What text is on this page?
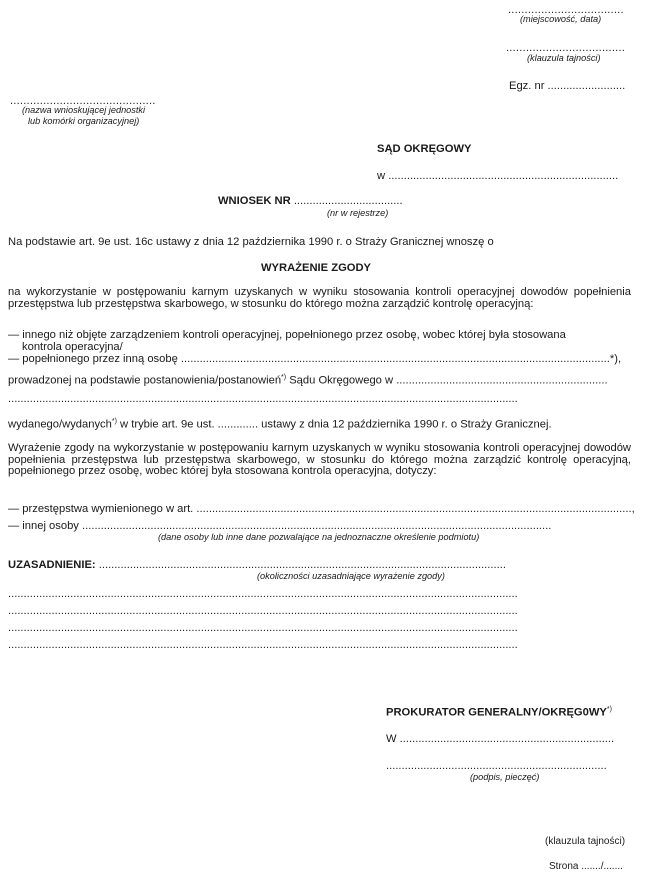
...................................
(miejscowość, data)
....................................
(klauzula tajności)
Egz. nr .........................
............................................
(nazwa wnioskującej jednostki
lub komórki organizacyjnej)
SĄD OKRĘGOWY
w ..........................................................................
WNIOSEK NR ...................................
(nr w rejestrze)
Na podstawie art. 9e ust. 16c ustawy z dnia 12 października 1990 r. o Straży Granicznej wnoszę o
WYRAŻENIE ZGODY
na wykorzystanie w postępowaniu karnym uzyskanych w wyniku stosowania kontroli operacyjnej dowodów popełnienia przestępstwa lub przestępstwa skarbowego, w stosunku do którego można zarządzić kontrolę operacyjną:
— innego niż objęte zarządzeniem kontroli operacyjnej, popełnionego przez osobę, wobec której była stosowana
kontrola operacyjna/
— popełnionego przez inną osobę ..........................................................................................................................................*),
prowadzonej na podstawie postanowienia/postanowień*) Sądu Okręgowego w ....................................................................
....................................................................................................................................................................
wydanego/wydanych*) w trybie art. 9e ust. ............. ustawy z dnia 12 października 1990 r. o Straży Granicznej.
Wyrażenie zgody na wykorzystanie w postępowaniu karnym uzyskanych w wyniku stosowania kontroli operacyjnej dowodów popełnienia przestępstwa lub przestępstwa skarbowego, w stosunku do którego można zarządzić kontrolę operacyjną, popełnionego przez osobę, wobec której była stosowana kontrola operacyjna, dotyczy:
— przestępstwa wymienionego w art. ............................................................................................................................................,
— innej osoby .......................................................................................................................................................
(dane osoby lub inne dane pozwalające na jednoznaczne określenie podmiotu)
UZASADNIENIE: ...................................................................................................................................
(okoliczności uzasadniające wyrażenie zgody)
....................................................................................................................................................................
....................................................................................................................................................................
....................................................................................................................................................................
....................................................................................................................................................................
PROKURATOR GENERALNY/OKRĘG0WY*)
W .....................................................................
.......................................................................
(podpis, pieczęć)
(klauzula tajności)
Strona ......./.......
